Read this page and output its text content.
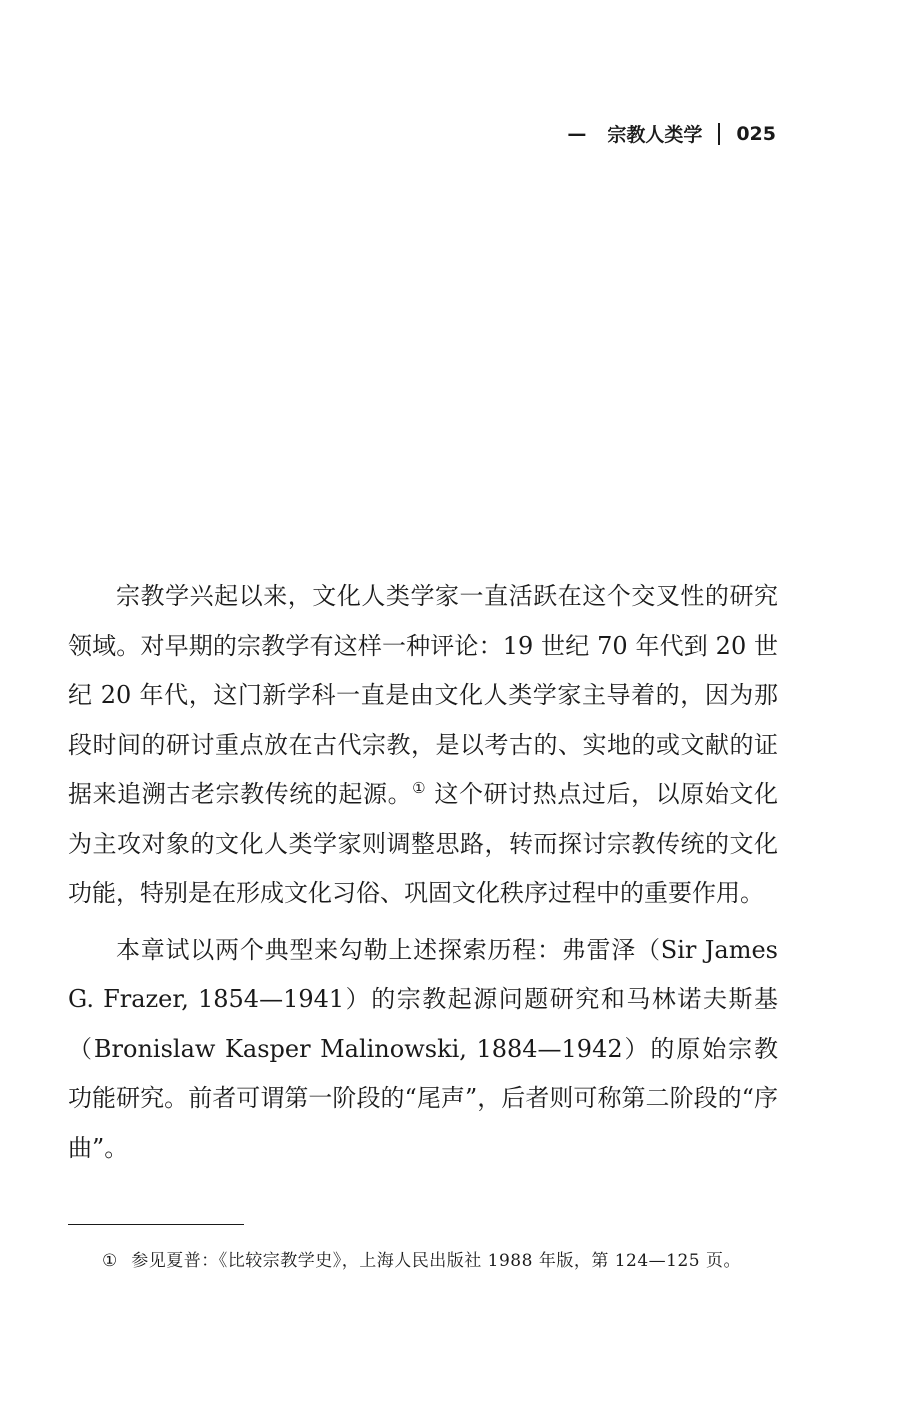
— 宗教人类学 025

宗教学兴起以来，文化人类学家一直活跃在这个交叉性的研究领域。对早期的宗教学有这样一种评论：19 世纪 70 年代到 20 世纪 20 年代，这门新学科一直是由文化人类学家主导着的，因为那段时间的研讨重点放在古代宗教，是以考古的、实地的或文献的证据来追溯古老宗教传统的起源。① 这个研讨热点过后，以原始文化为主攻对象的文化人类学家则调整思路，转而探讨宗教传统的文化功能，特别是在形成文化习俗、巩固文化秩序过程中的重要作用。

本章试以两个典型来勾勒上述探索历程：弗雷泽（Sir James G. Frazer, 1854—1941）的宗教起源问题研究和马林诺夫斯基（Bronislaw Kasper Malinowski, 1884—1942）的原始宗教功能研究。前者可谓第一阶段的“尾声”，后者则可称第二阶段的“序曲”。

① 参见夏普：《比较宗教学史》，上海人民出版社 1988 年版，第 124—125 页。
